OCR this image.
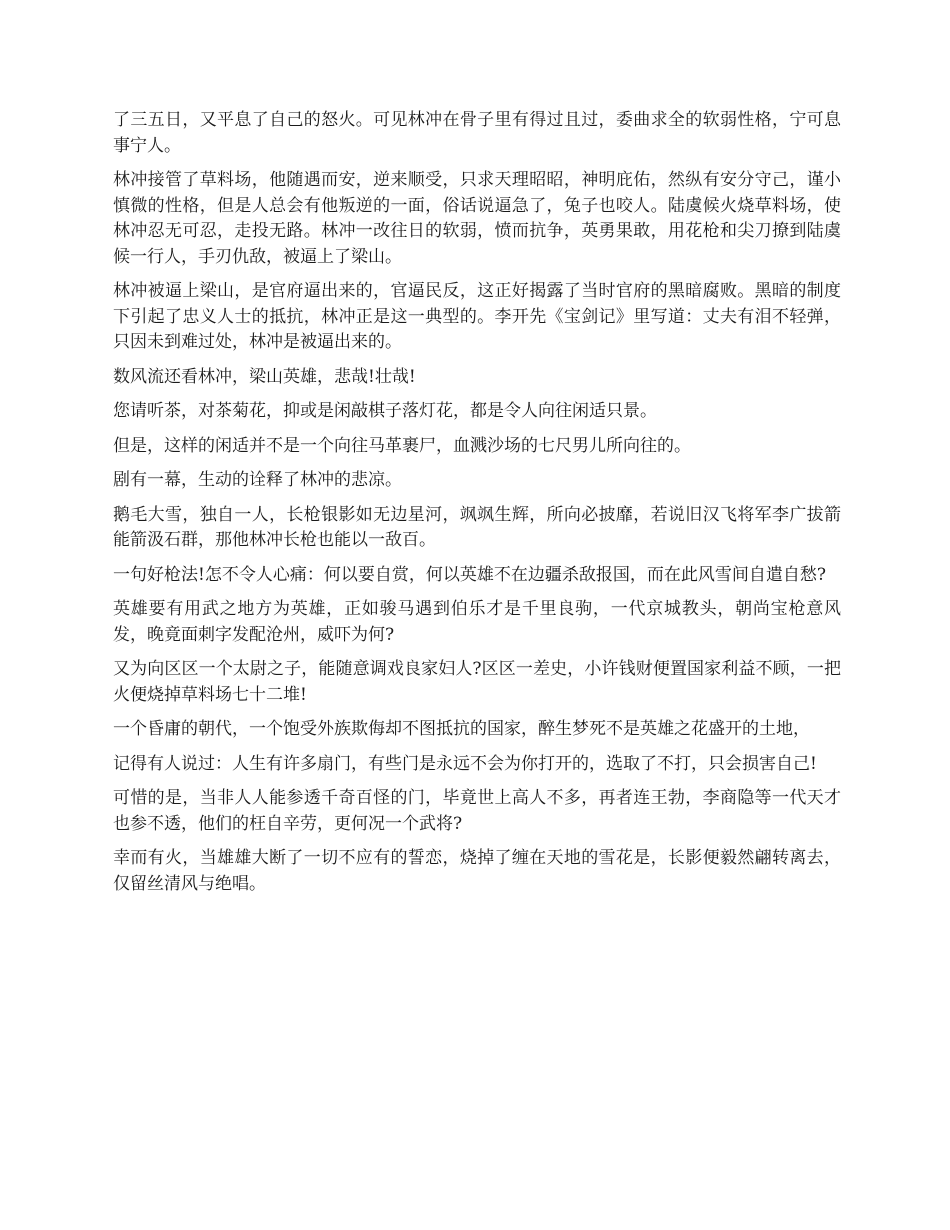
了三五日，又平息了自己的怒火。可见林冲在骨子里有得过且过，委曲求全的软弱性格，宁可息事宁人。

林冲接管了草料场，他随遇而安，逆来顺受，只求天理昭昭，神明庇佑，然纵有安分守己，谨小慎微的性格，但是人总会有他叛逆的一面，俗话说逼急了，兔子也咬人。陆虞候火烧草料场，使林冲忍无可忍，走投无路。林冲一改往日的软弱，愤而抗争，英勇果敢，用花枪和尖刀撩到陆虞候一行人，手刃仇敌，被逼上了梁山。

林冲被逼上梁山，是官府逼出来的，官逼民反，这正好揭露了当时官府的黑暗腐败。黑暗的制度下引起了忠义人士的抵抗，林冲正是这一典型的。李开先《宝剑记》里写道：丈夫有泪不轻弹，只因未到难过处，林冲是被逼出来的。

数风流还看林冲，梁山英雄，悲哉!壮哉!

您请听茶，对茶菊花，抑或是闲敲棋子落灯花，都是令人向往闲适只景。

但是，这样的闲适并不是一个向往马革裹尸，血溅沙场的七尺男儿所向往的。

剧有一幕，生动的诠释了林冲的悲凉。

鹅毛大雪，独自一人，长枪银影如无边星河，飒飒生辉，所向必披靡，若说旧汉飞将军李广拔箭能箭汲石群，那他林冲长枪也能以一敌百。

一句好枪法!怎不令人心痛：何以要自赏，何以英雄不在边疆杀敌报国，而在此风雪间自遣自愁?

英雄要有用武之地方为英雄，正如骏马遇到伯乐才是千里良驹，一代京城教头，朝尚宝枪意风发，晚竟面刺字发配沧州，威吓为何?

又为向区区一个太尉之子，能随意调戏良家妇人?区区一差史，小许钱财便置国家利益不顾，一把火便烧掉草料场七十二堆!

一个昏庸的朝代，一个饱受外族欺侮却不图抵抗的国家，醉生梦死不是英雄之花盛开的土地，

记得有人说过：人生有许多扇门，有些门是永远不会为你打开的，选取了不打，只会损害自己!

可惜的是，当非人人能参透千奇百怪的门，毕竟世上高人不多，再者连王勃，李商隐等一代天才也参不透，他们的枉自辛劳，更何况一个武将?

幸而有火，当雄雄大断了一切不应有的誓恋，烧掉了缠在天地的雪花是，长影便毅然翩转离去，仅留丝清风与绝唱。
